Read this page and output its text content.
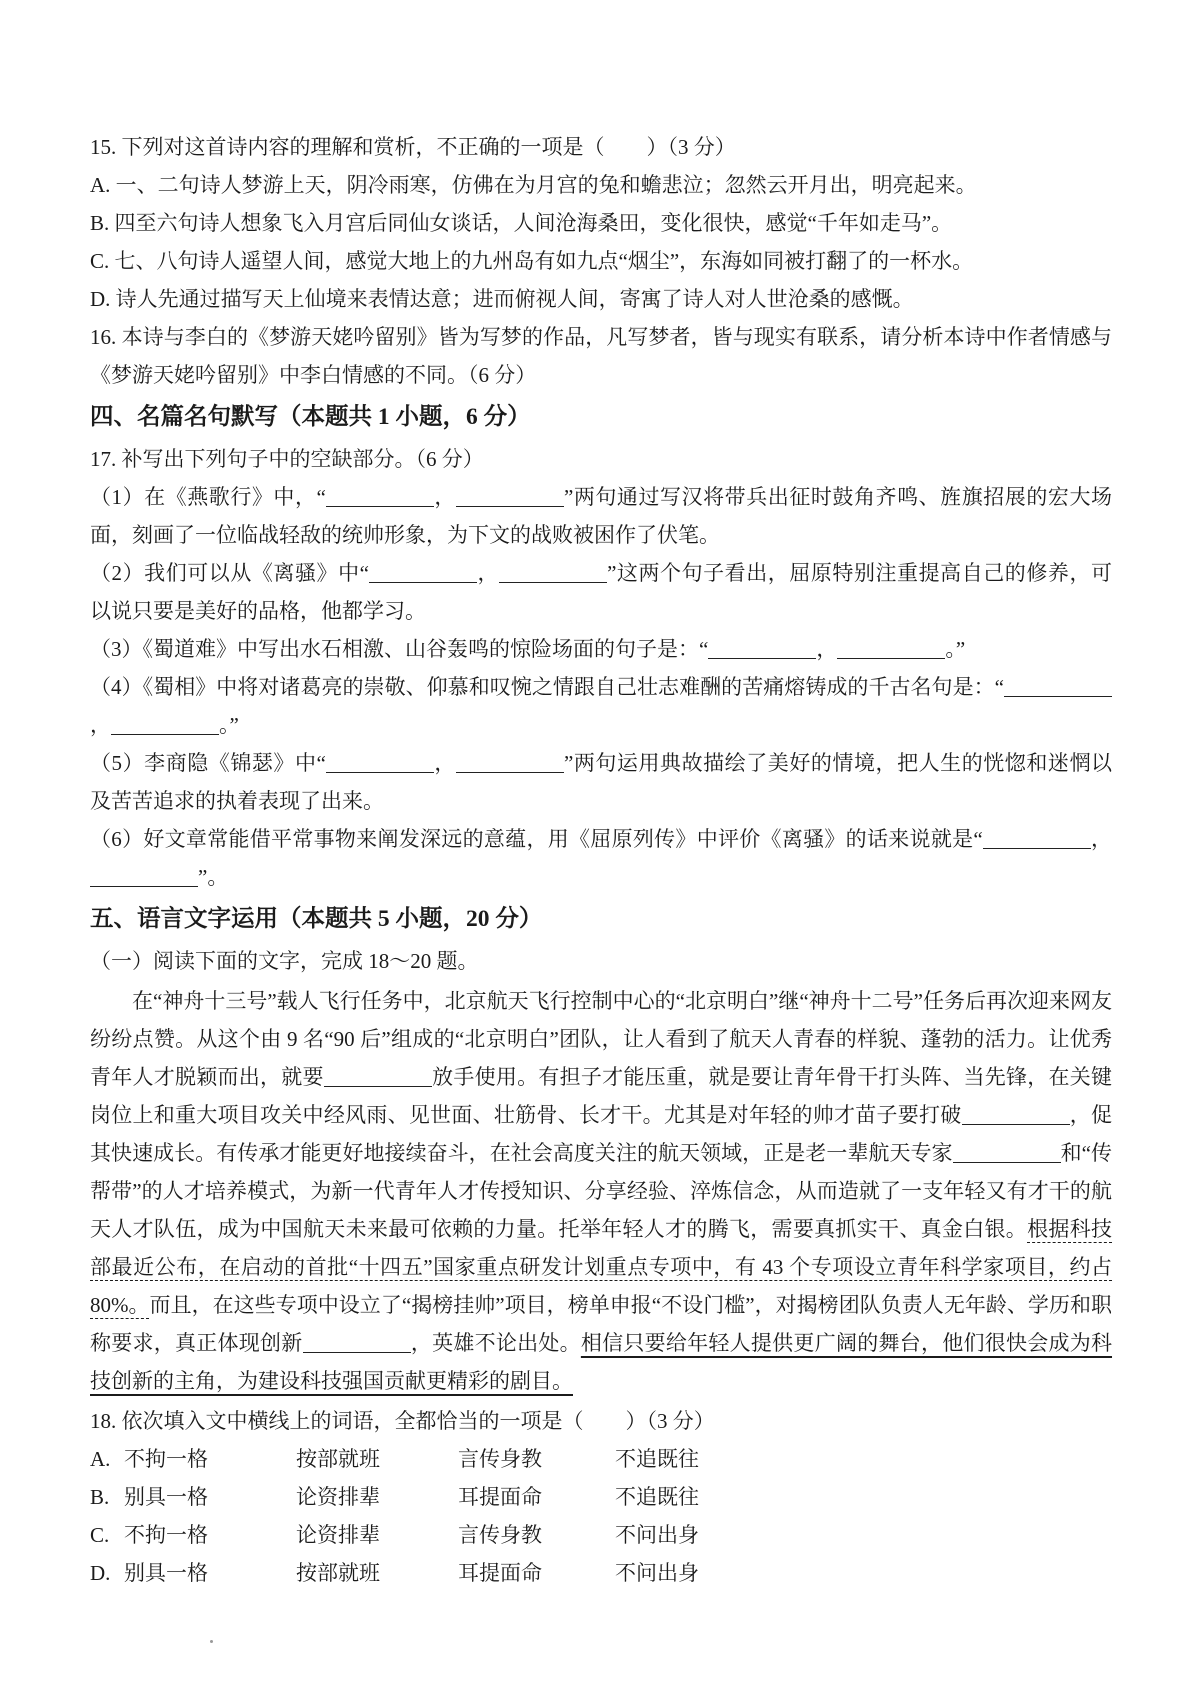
15. 下列对这首诗内容的理解和赏析，不正确的一项是（　　）（3 分）

A. 一、二句诗人梦游上天，阴冷雨寒，仿佛在为月宫的兔和蟾悲泣；忽然云开月出，明亮起来。

B. 四至六句诗人想象飞入月宫后同仙女谈话，人间沧海桑田，变化很快，感觉“千年如走马”。

C. 七、八句诗人遥望人间，感觉大地上的九州岛有如九点“烟尘”，东海如同被打翻了的一杯水。

D. 诗人先通过描写天上仙境来表情达意；进而俯视人间，寄寓了诗人对人世沧桑的感慨。

16. 本诗与李白的《梦游天姥吟留别》皆为写梦的作品，凡写梦者，皆与现实有联系，请分析本诗中作者情感与《梦游天姥吟留别》中李白情感的不同。（6 分）

四、名篇名句默写（本题共 1 小题，6 分）

17. 补写出下列句子中的空缺部分。（6 分）

（1）在《燕歌行》中，“	，	”两句通过写汉将带兵出征时鼓角齐鸣、旌旗招展的宏大场面，刻画了一位临战轻敌的统帅形象，为下文的战败被困作了伏笔。

（2）我们可以从《离骚》中“	，	”这两个句子看出，屈原特别注重提高自己的修养，可以说只要是美好的品格，他都学习。

（3）《蜀道难》中写出水石相激、山谷轰鸣的惊险场面的句子是：“	，	。”

（4）《蜀相》中将对诸葛亮的崇敬、仰慕和叹惋之情跟自己壮志难酬的苦痛熔铸成的千古名句是：“，	。”

（5）李商隐《锦瑟》中“	，	”两句运用典故描绘了美好的情境，把人生的恍惚和迷惘以及苦苦追求的执着表现了出来。

（6）好文章常能借平常事物来阐发深远的意蕴，用《屈原列传》中评价《离骚》的话来说就是“	，”。

五、语言文字运用（本题共 5 小题，20 分）

（一）阅读下面的文字，完成 18～20 题。

在“神舟十三号”载人飞行任务中，北京航天飞行控制中心的“北京明白”继“神舟十二号”任务后再次迎来网友纷纷点赞。从这个由 9 名“90 后”组成的“北京明白”团队，让人看到了航天人青春的样貌、蓬勃的活力。让优秀青年人才脱颖而出，就要	放手使用。有担子才能压重，就是要让青年骨干打头阵、当先锋，在关键岗位上和重大项目攻关中经风雨、见世面、壮筋骨、长才干。尤其是对年轻的帅才苗子要打破	，促其快速成长。有传承才能更好地接续奋斗，在社会高度关注的航天领域，正是老一辈航天专家	和“传帮带”的人才培养模式，为新一代青年人才传授知识、分享经验、淬炼信念，从而造就了一支年轻又有才干的航天人才队伍，成为中国航天未来最可依赖的力量。托举年轻人才的腾飞，需要真抓实干、真金白银。根据科技部最近公布，在启动的首批“十四五”国家重点研发计划重点专项中，有 43 个专项设立青年科学家项目，约占 80%。而且，在这些专项中设立了“揭榜挂帅”项目，榜单申报“不设门槛”，对揭榜团队负责人无年龄、学历和职称要求，真正体现创新	，英雄不论出处。相信只要给年轻人提供更广阔的舞台，他们很快会成为科技创新的主角，为建设科技强国贡献更精彩的剧目。

18. 依次填入文中横线上的词语，全都恰当的一项是（　　）（3 分）

A. 不拘一格	按部就班	言传身教	不追既往
B. 别具一格	论资排辈	耳提面命	不追既往
C. 不拘一格	论资排辈	言传身教	不问出身
D. 别具一格	按部就班	耳提面命	不问出身
